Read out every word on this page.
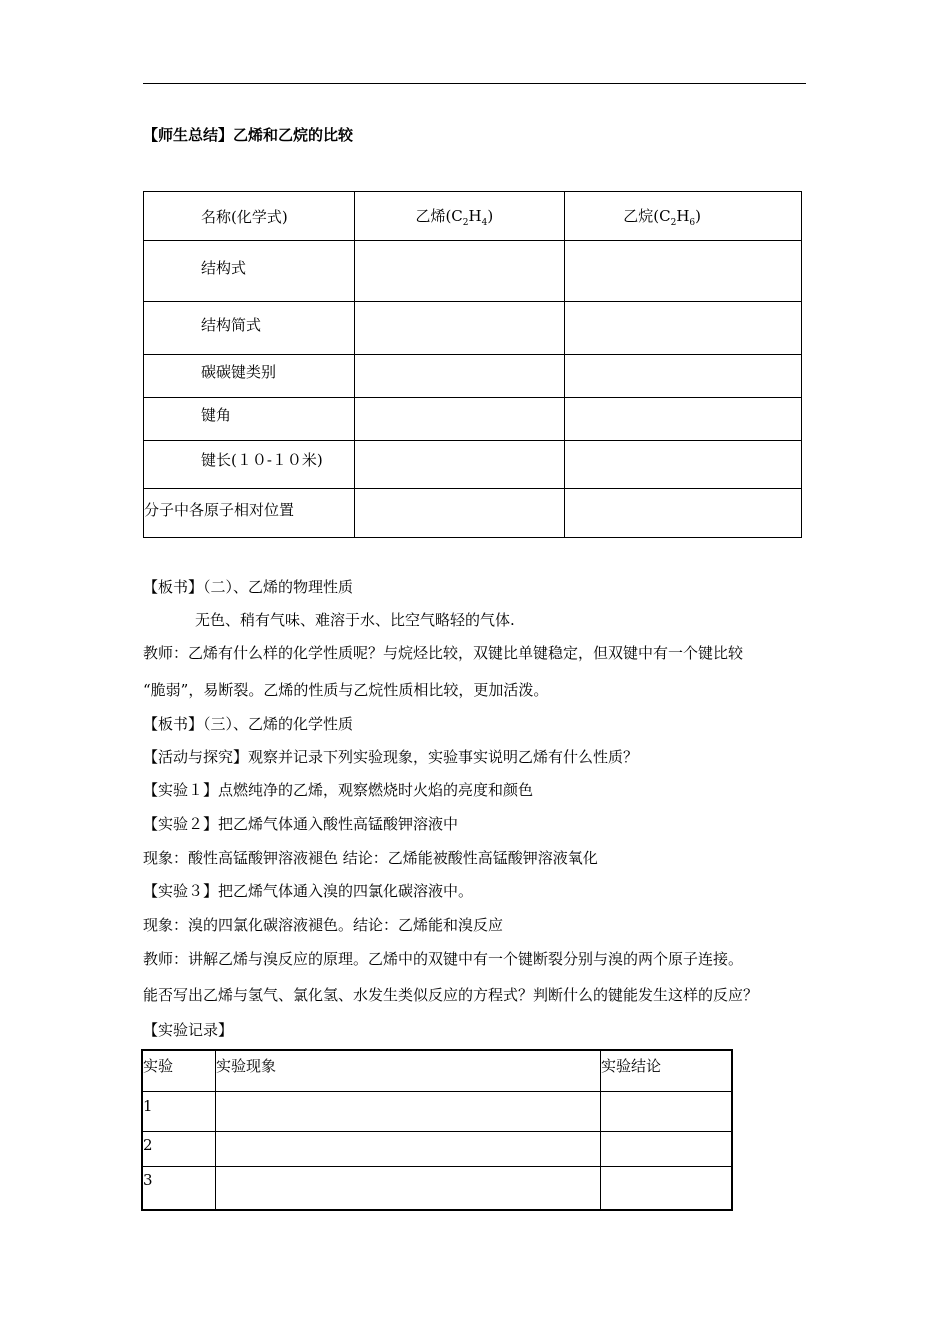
【师生总结】乙烯和乙烷的比较
名称(化学式)	乙烯$(C_2H_4)$	乙烷$(C_2H_6)$
结构式		
结构简式		
碳碳键类别		
键角		
键长(１０-１０米)		
分子中各原子相对位置		
【板书】（二）、乙烯的物理性质
无色、稍有气味、难溶于水、比空气略轻的气体.
教师：乙烯有什么样的化学性质呢？与烷烃比较，双键比单键稳定，但双键中有一个键比较
“脆弱”，易断裂。乙烯的性质与乙烷性质相比较，更加活泼。
【板书】（三）、乙烯的化学性质
【活动与探究】观察并记录下列实验现象，实验事实说明乙烯有什么性质？
【实验１】点燃纯净的乙烯，观察燃烧时火焰的亮度和颜色
【实验２】把乙烯气体通入酸性高锰酸钾溶液中
现象：酸性高锰酸钾溶液褪色 结论：乙烯能被酸性高锰酸钾溶液氧化
【实验３】把乙烯气体通入溴的四氯化碳溶液中。
现象：溴的四氯化碳溶液褪色。结论：乙烯能和溴反应
教师：讲解乙烯与溴反应的原理。乙烯中的双键中有一个键断裂分别与溴的两个原子连接。
能否写出乙烯与氢气、氯化氢、水发生类似反应的方程式？判断什么的键能发生这样的反应？
【实验记录】
实验	实验现象	实验结论
1		
2		
3		
